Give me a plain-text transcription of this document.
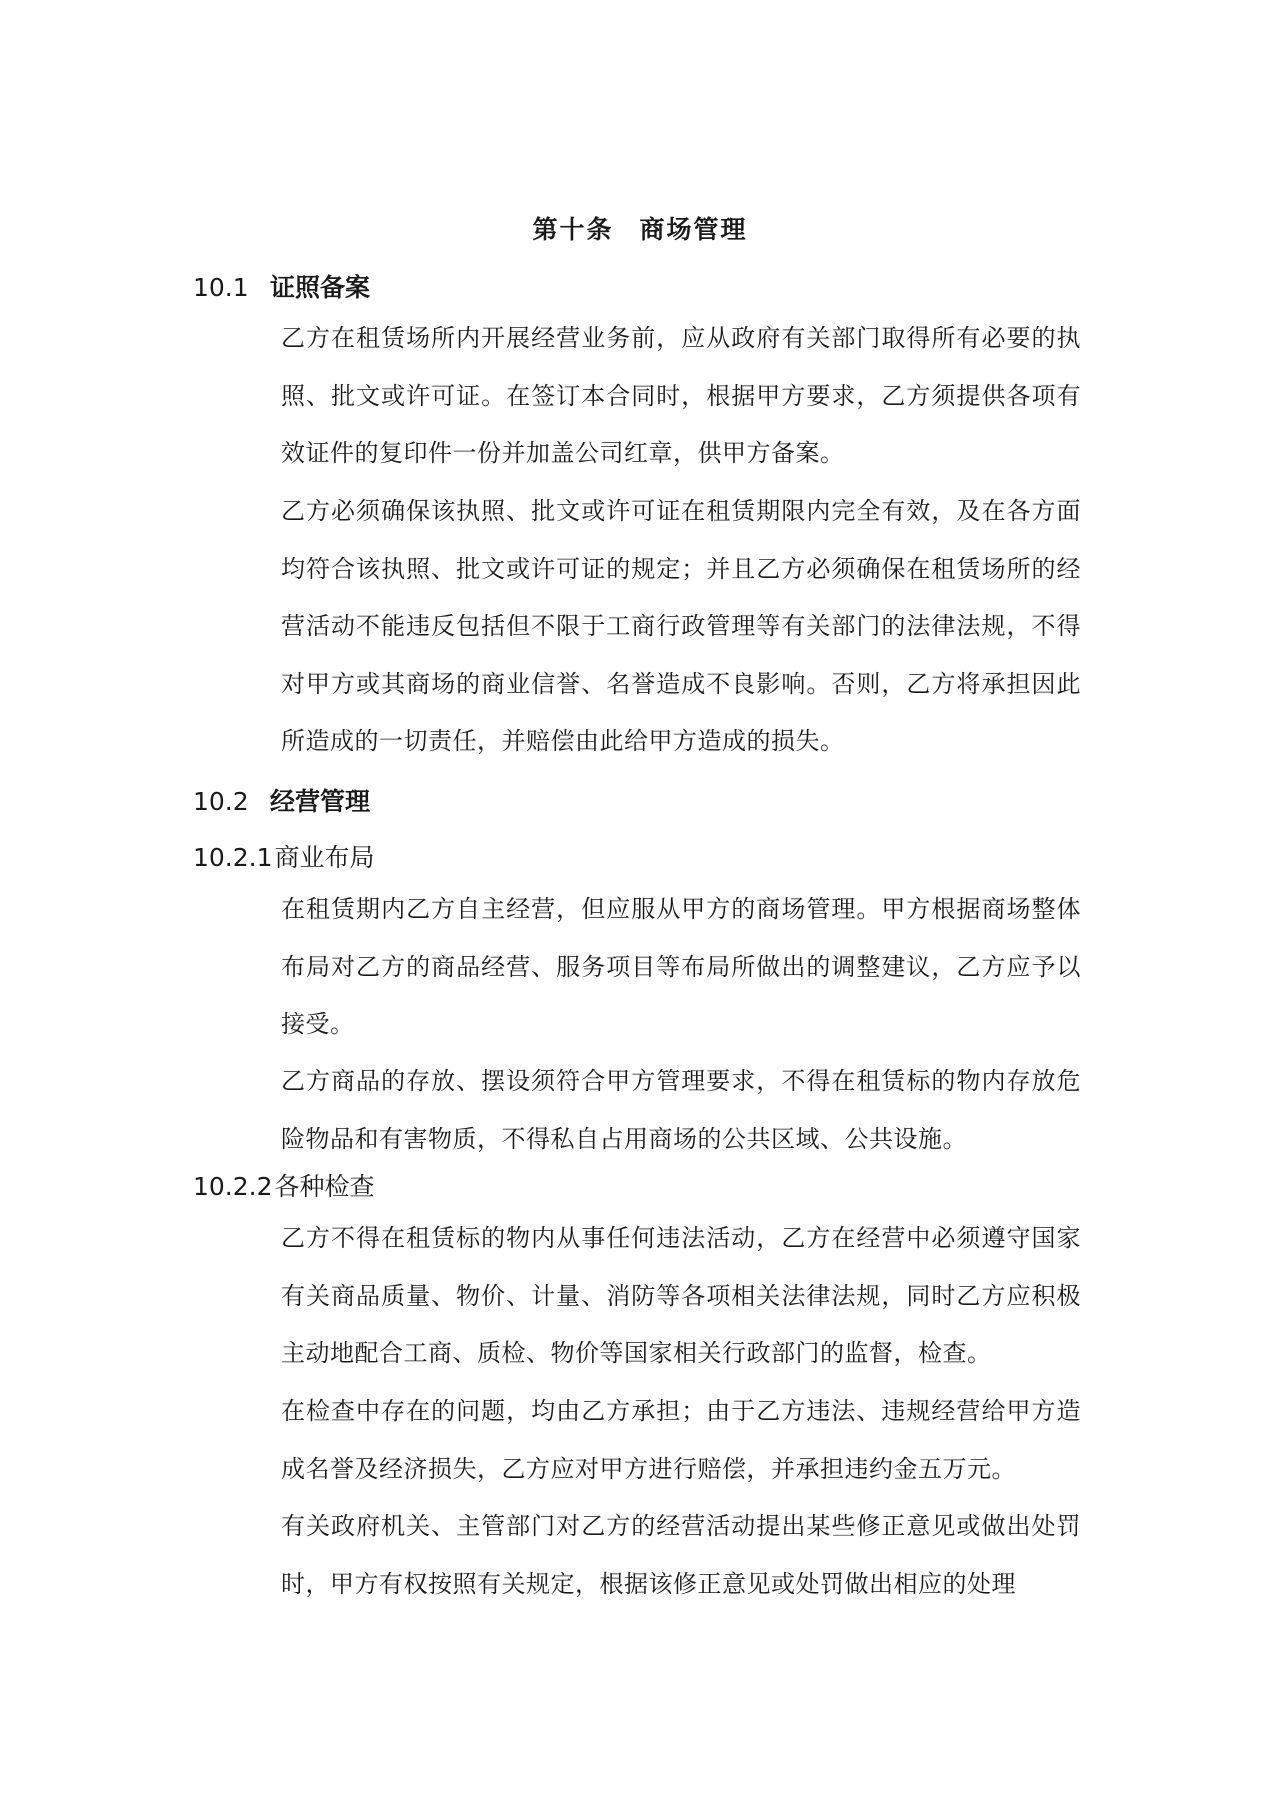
第十条 商场管理
10.1 证照备案
乙方在租赁场所内开展经营业务前，应从政府有关部门取得所有必要的执照、批文或许可证。在签订本合同时，根据甲方要求，乙方须提供各项有效证件的复印件一份并加盖公司红章，供甲方备案。
乙方必须确保该执照、批文或许可证在租赁期限内完全有效，及在各方面均符合该执照、批文或许可证的规定；并且乙方必须确保在租赁场所的经营活动不能违反包括但不限于工商行政管理等有关部门的法律法规，不得对甲方或其商场的商业信誉、名誉造成不良影响。否则，乙方将承担因此所造成的一切责任，并赔偿由此给甲方造成的损失。
10.2 经营管理
10.2.1商业布局
在租赁期内乙方自主经营，但应服从甲方的商场管理。甲方根据商场整体布局对乙方的商品经营、服务项目等布局所做出的调整建议，乙方应予以接受。
乙方商品的存放、摆设须符合甲方管理要求，不得在租赁标的物内存放危险物品和有害物质，不得私自占用商场的公共区域、公共设施。
10.2.2各种检查
乙方不得在租赁标的物内从事任何违法活动，乙方在经营中必须遵守国家有关商品质量、物价、计量、消防等各项相关法律法规，同时乙方应积极主动地配合工商、质检、物价等国家相关行政部门的监督，检查。
在检查中存在的问题，均由乙方承担；由于乙方违法、违规经营给甲方造成名誉及经济损失，乙方应对甲方进行赔偿，并承担违约金五万元。
有关政府机关、主管部门对乙方的经营活动提出某些修正意见或做出处罚时，甲方有权按照有关规定，根据该修正意见或处罚做出相应的处理
